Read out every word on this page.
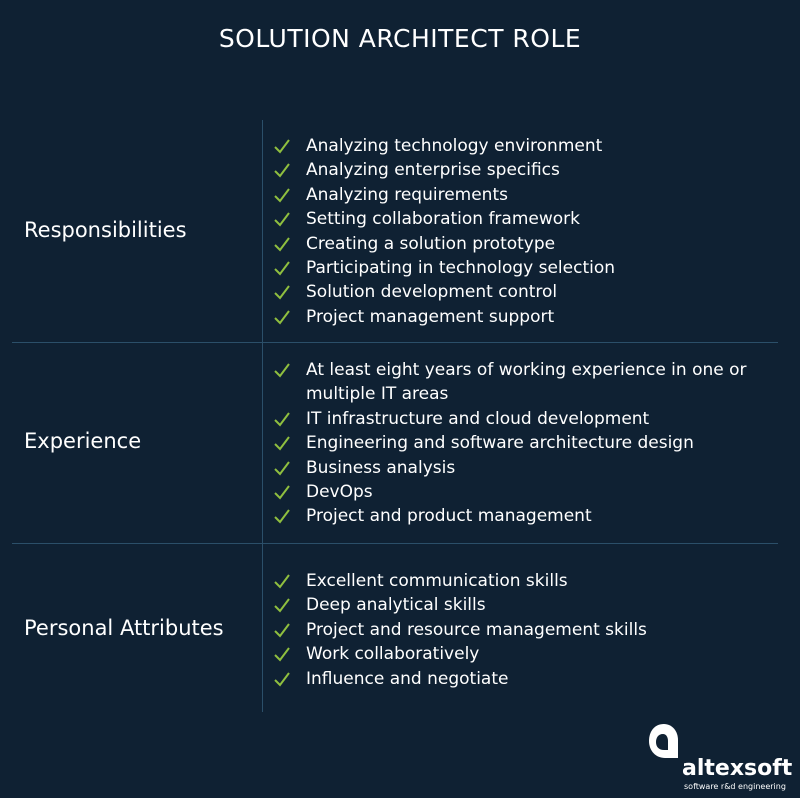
SOLUTION ARCHITECT ROLE
Responsibilities
Analyzing technology environment
Analyzing enterprise specifics
Analyzing requirements
Setting collaboration framework
Creating a solution prototype
Participating in technology selection
Solution development control
Project management support
Experience
At least eight years of working experience in one or multiple IT areas
IT infrastructure and cloud development
Engineering and software architecture design
Business analysis
DevOps
Project and product management
Personal Attributes
Excellent communication skills
Deep analytical skills
Project and resource management skills
Work collaboratively
Influence and negotiate
altexsoft
software r&d engineering
